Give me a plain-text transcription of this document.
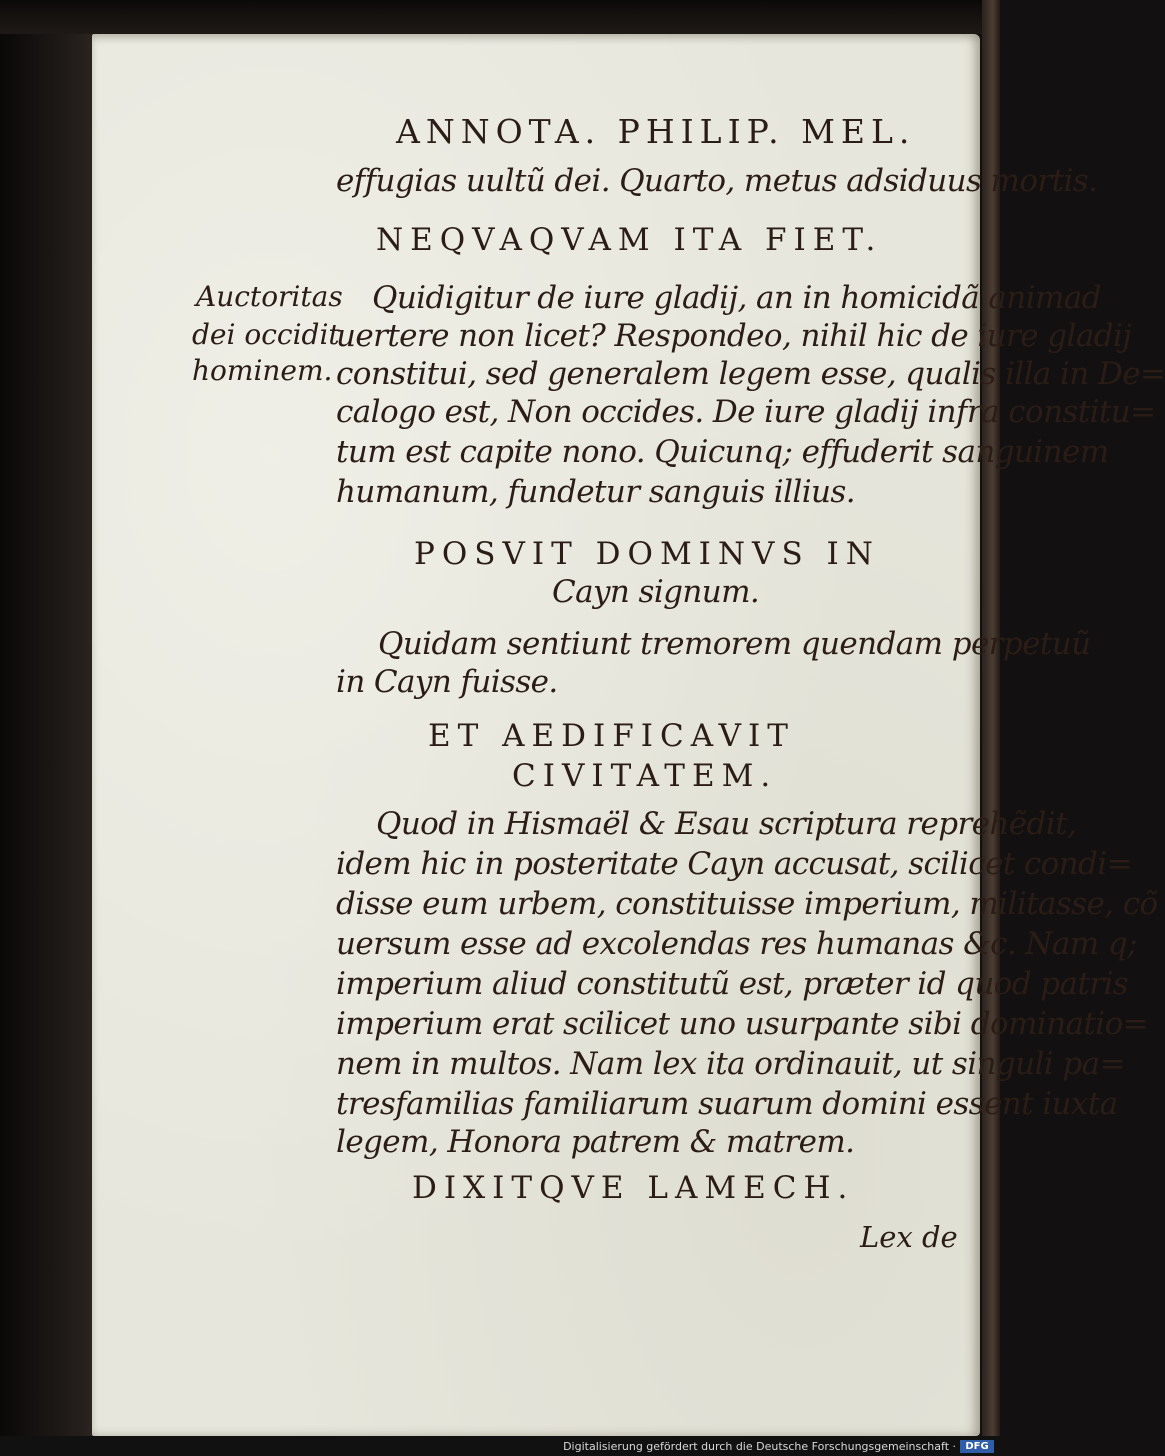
ANNOTA. PHILIP. MEL.
effugias uultũ dei. Quarto, metus adsiduus mortis.
NEQVAQVAM ITA FIET.
Quidigitur de iure gladij, an in homicidã animad
uertere non licet? Respondeo, nihil hic de iure gladij
constitui, sed generalem legem esse, qualis illa in De=
calogo est, Non occides. De iure gladij infra constitu=
tum est capite nono. Quicunq; effuderit sanguinem
humanum, fundetur sanguis illius.
POSVIT DOMINVS IN
Cayn signum.
Quidam sentiunt tremorem quendam perpetuũ
in Cayn fuisse.
ET AEDIFICAVIT
CIVITATEM.
Quod in Hismaël & Esau scriptura reprehẽdit,
idem hic in posteritate Cayn accusat, scilicet condi=
disse eum urbem, constituisse imperium, militasse, cõ
uersum esse ad excolendas res humanas &c. Nam q;
imperium aliud constitutũ est, præter id quod patris
imperium erat scilicet uno usurpante sibi dominatio=
nem in multos. Nam lex ita ordinauit, ut singuli pa=
tresfamilias familiarum suarum domini essent iuxta
legem, Honora patrem & matrem.
DIXITQVE LAMECH.
Auctoritas
dei occidit
hominem.
Lex de
Digitalisierung gefördert durch die Deutsche Forschungsgemeinschaft · DFG
